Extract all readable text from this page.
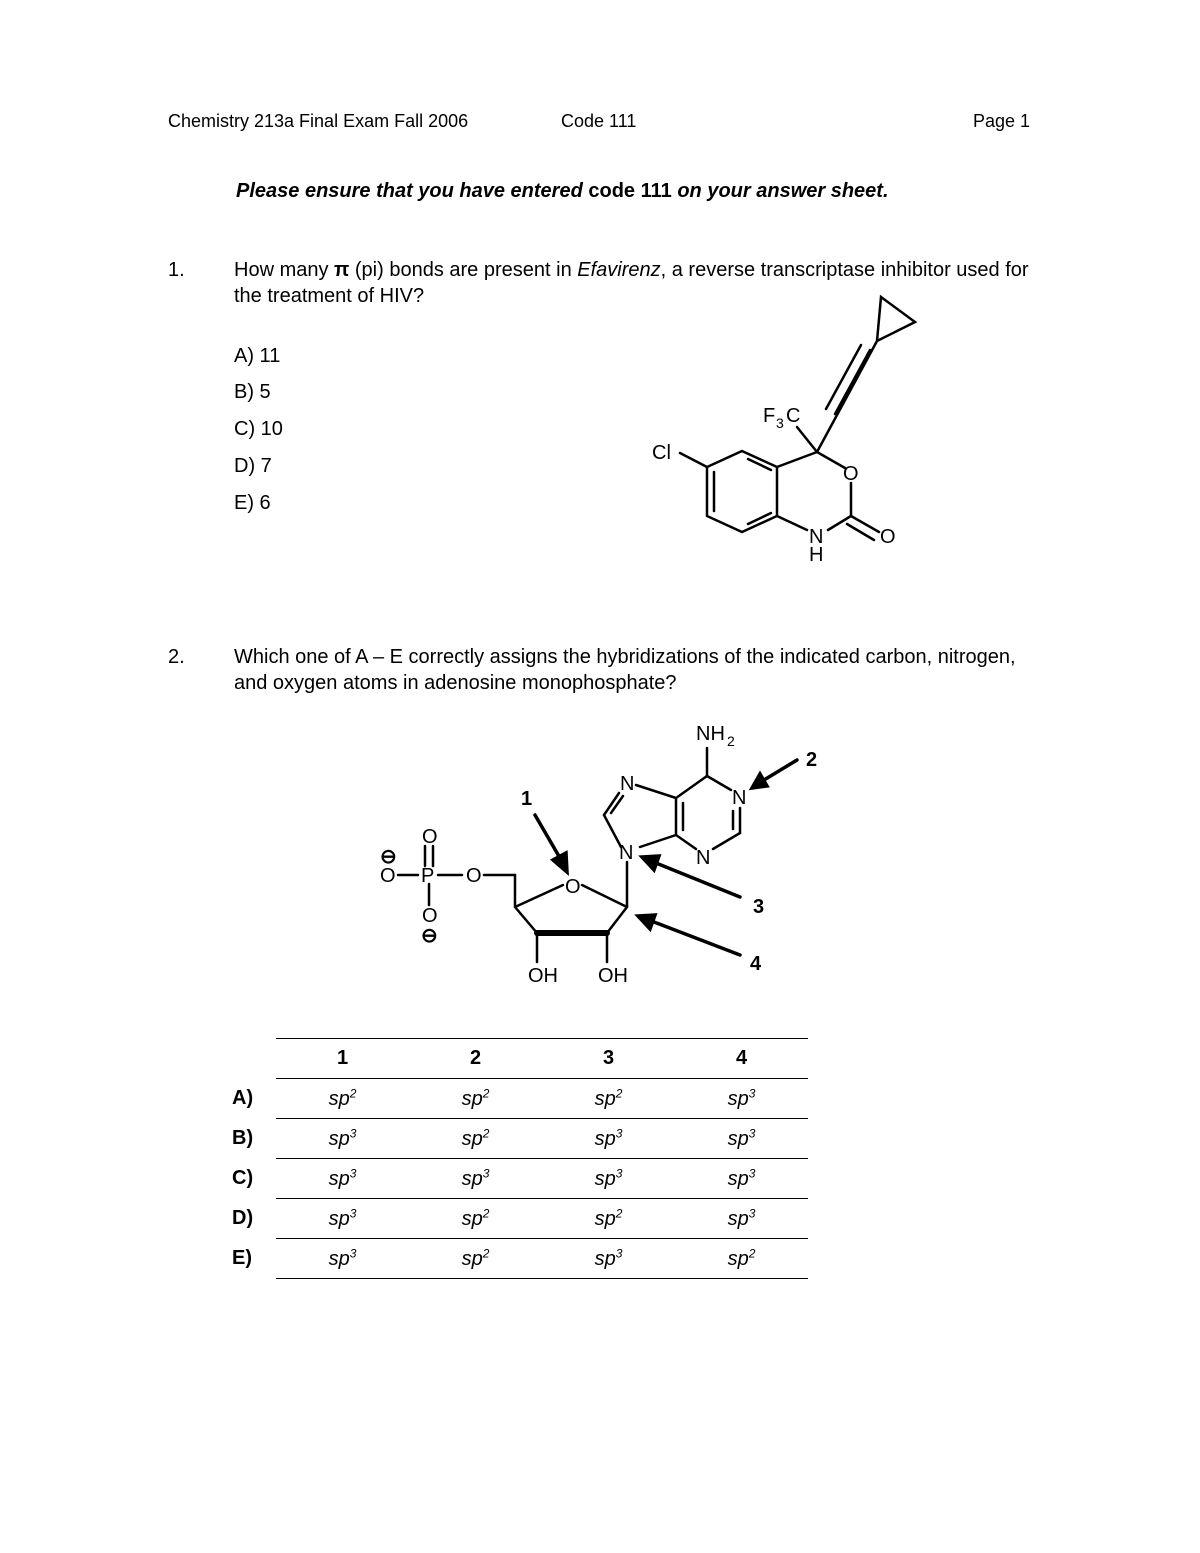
Chemistry 213a Final Exam Fall 2006	Code 111	Page 1
Please ensure that you have entered code 111 on your answer sheet.
1. How many π (pi) bonds are present in Efavirenz, a reverse transcriptase inhibitor used for the treatment of HIV?
A) 11
B) 5
C) 10
D) 7
E) 6
F 3 C
Cl
O
O
N
H
2. Which one of A – E correctly assigns the hybridizations of the indicated carbon, nitrogen, and oxygen atoms in adenosine monophosphate?
NH 2
N
N
N	N
O
O
P
O
O
O
⊖
⊖
OH OH
1
2
3
4
	1	2	3	4
A)	$sp^2$	$sp^2$	$sp^2$	$sp^3$
B)	$sp^3$	$sp^2$	$sp^3$	$sp^3$
C)	$sp^3$	$sp^3$	$sp^3$	$sp^3$
D)	$sp^3$	$sp^2$	$sp^2$	$sp^3$
E)	$sp^3$	$sp^2$	$sp^3$	$sp^2$
